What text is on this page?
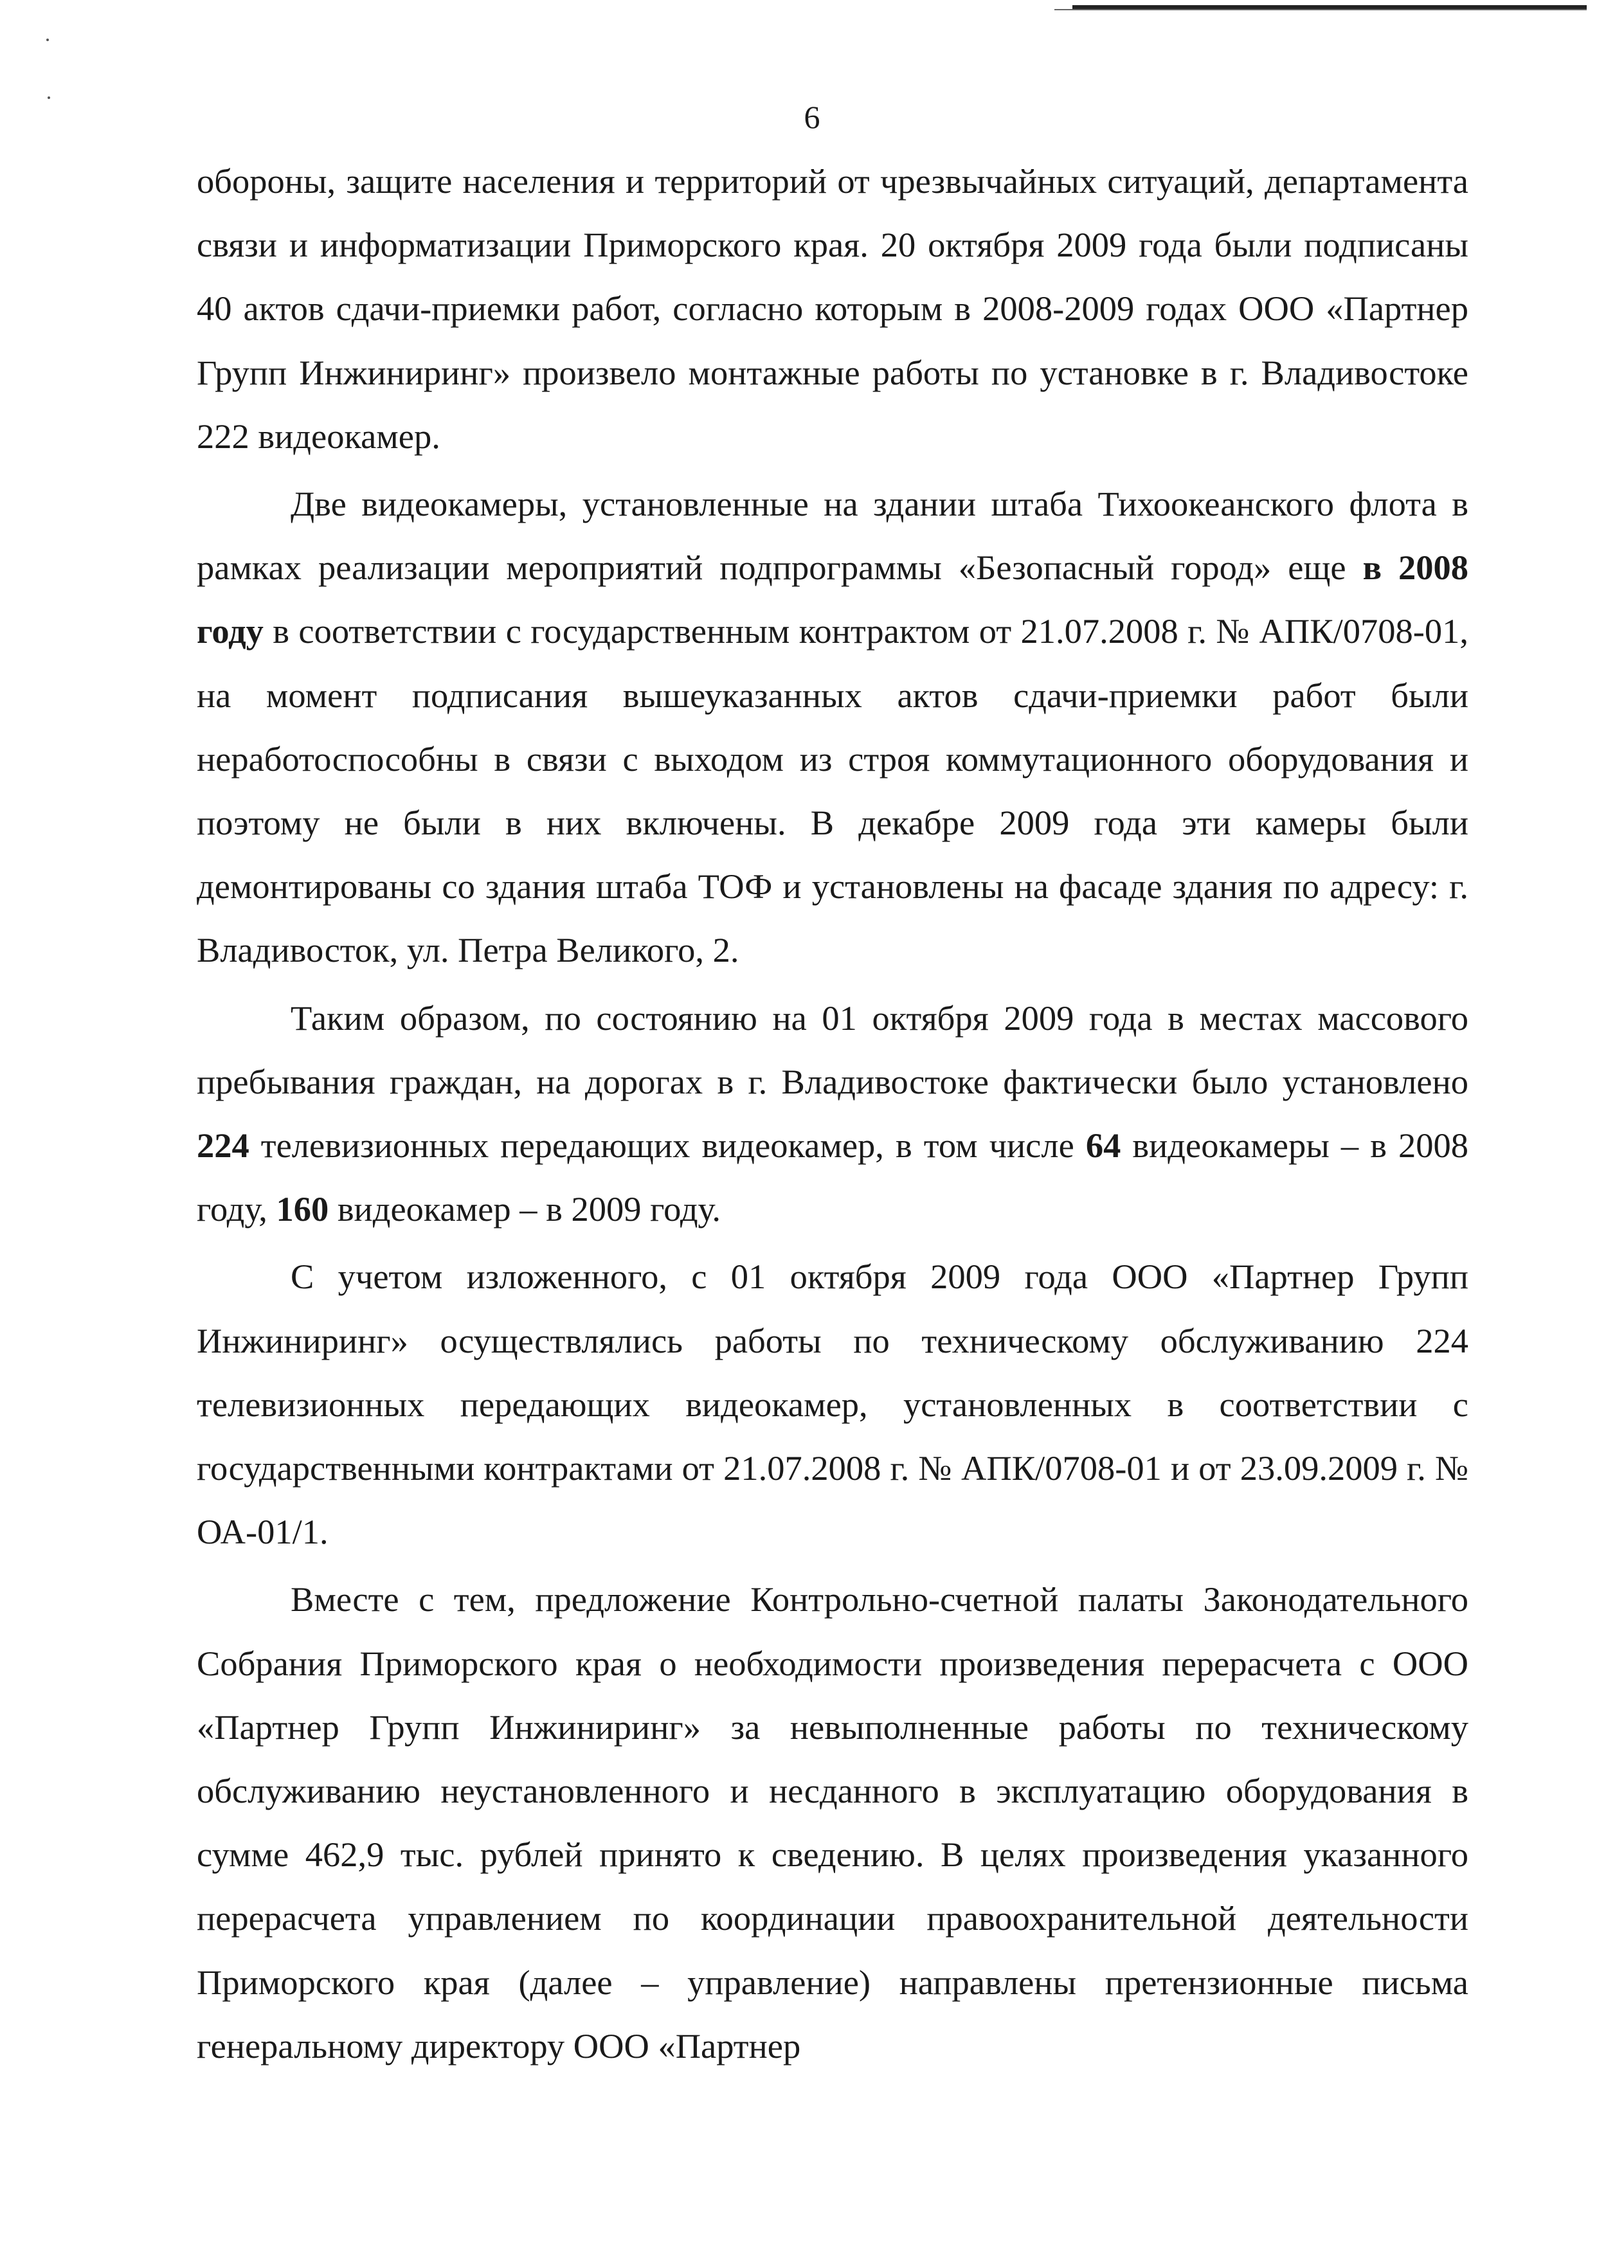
6

обороны, защите населения и территорий от чрезвычайных ситуаций, департамента связи и информатизации Приморского края. 20 октября 2009 года были подписаны 40 актов сдачи-приемки работ, согласно которым в 2008-2009 годах ООО «Партнер Групп Инжиниринг» произвело монтажные работы по установке в г. Владивостоке 222 видеокамер.

Две видеокамеры, установленные на здании штаба Тихоокеанского флота в рамках реализации мероприятий подпрограммы «Безопасный город» еще в 2008 году в соответствии с государственным контрактом от 21.07.2008 г. № АПК/0708-01, на момент подписания вышеуказанных актов сдачи-приемки работ были неработоспособны в связи с выходом из строя коммутационного оборудования и поэтому не были в них включены. В декабре 2009 года эти камеры были демонтированы со здания штаба ТОФ и установлены на фасаде здания по адресу: г. Владивосток, ул. Петра Великого, 2.

Таким образом, по состоянию на 01 октября 2009 года в местах массового пребывания граждан, на дорогах в г. Владивостоке фактически было установлено 224 телевизионных передающих видеокамер, в том числе 64 видеокамеры – в 2008 году, 160 видеокамер – в 2009 году.

С учетом изложенного, с 01 октября 2009 года ООО «Партнер Групп Инжиниринг» осуществлялись работы по техническому обслуживанию 224 телевизионных передающих видеокамер, установленных в соответствии с государственными контрактами от 21.07.2008 г. № АПК/0708-01 и от 23.09.2009 г. № ОА-01/1.

Вместе с тем, предложение Контрольно-счетной палаты Законодательного Собрания Приморского края о необходимости произведения перерасчета с ООО «Партнер Групп Инжиниринг» за невыполненные работы по техническому обслуживанию неустановленного и несданного в эксплуатацию оборудования в сумме 462,9 тыс. рублей принято к сведению. В целях произведения указанного перерасчета управлением по координации правоохранительной деятельности Приморского края (далее – управление) направлены претензионные письма генеральному директору ООО «Партнер
